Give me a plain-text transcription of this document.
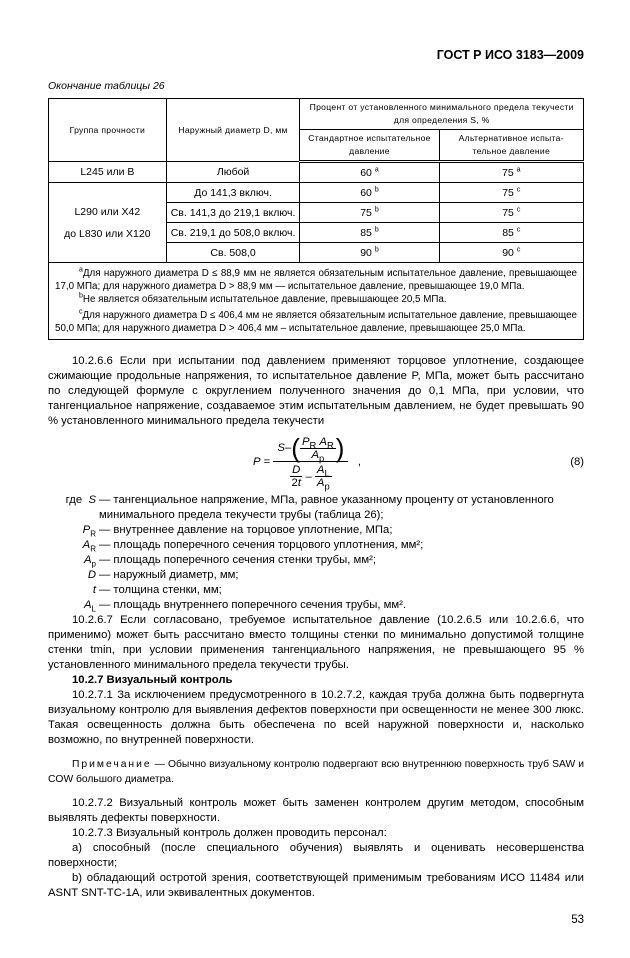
ГОСТ Р ИСО 3183—2009
Окончание таблицы 26
Группа прочности	Наружный диаметр D, мм	Процент от установленного минимального предела текучести для определения S, %	
		Стандартное испытательное давление	Альтернативное испыта-тельное давление
L245 или B	Любой	60 $^a$	75 $^a$

L290 или X42
до L830 или X120	До 141,3 включ.	60 $^b$	75 $^c$
	Св. 141,3 до 219,1 включ.	75 $^b$	75 $^c$
	Св. 219,1 до 508,0 включ.	85 $^b$	85 $^c$
	Св. 508,0	90 $^b$	90 $^c$

$^a$Для наружного диаметра D ≤ 88,9 мм не является обязательным испытательное давление, превышающее 17,0 МПа; для наружного диаметра D > 88,9 мм — испытательное давление, превышающее 19,0 МПа.

$^b$Не является обязательным испытательное давление, превышающее 20,5 МПа.

$^c$Для наружного диаметра D ≤ 406,4 мм не является обязательным испытательное давление, превышающее 50,0 МПа; для наружного диаметра D > 406,4 мм – испытательное давление, превышающее 25,0 МПа.			

10.2.6.6 Если при испытании под давлением применяют торцовое уплотнение, создающее сжимающие продольные напряжения, то испытательное давление P, МПа, может быть рассчитано по следующей формуле с округлением полученного значения до 0,1 МПа, при условии, что тангенциальное напряжение, создаваемое этим испытательным давлением, не будет превышать 90 % установленного минимального предела текучести

P =
S – ( $P_R$ $A_R$
$A_p$ )
D
2t
–
$A_L$
$A_p$
,	(8)
где S — тангенциальное напряжение, МПа, равное указанному проценту от установленного минимального предела текучести трубы (таблица 26);
$P_R$ — внутреннее давление на торцовое уплотнение, МПа;
$A_R$ — площадь поперечного сечения торцового уплотнения, мм²;
$A_p$ — площадь поперечного сечения стенки трубы, мм²;
D — наружный диаметр, мм;
t — толщина стенки, мм;
$A_L$ — площадь внутреннего поперечного сечения трубы, мм².

10.2.6.7 Если согласовано, требуемое испытательное давление (10.2.6.5 или 10.2.6.6, что применимо) может быть рассчитано вместо толщины стенки по минимально допустимой толщине стенки tmin, при условии применения тангенциального напряжения, не превышающего 95 % установленного минимального предела текучести трубы.

10.2.7 Визуальный контроль

10.2.7.1 За исключением предусмотренного в 10.2.7.2, каждая труба должна быть подвергнута визуальному контролю для выявления дефектов поверхности при освещенности не менее 300 люкс. Такая освещенность должна быть обеспечена по всей наружной поверхности и, насколько возможно, по внутренней поверхности.

Примечание — Обычно визуальному контролю подвергают всю внутреннюю поверхность труб SAW и COW большого диаметра.

10.2.7.2 Визуальный контроль может быть заменен контролем другим методом, способным выявлять дефекты поверхности.

10.2.7.3 Визуальный контроль должен проводить персонал:

a) способный (после специального обучения) выявлять и оценивать несовершенства поверхности;

b) обладающий остротой зрения, соответствующей применимым требованиям ИСО 11484 или ASNT SNT-TC-1A, или эквивалентных документов.

53
